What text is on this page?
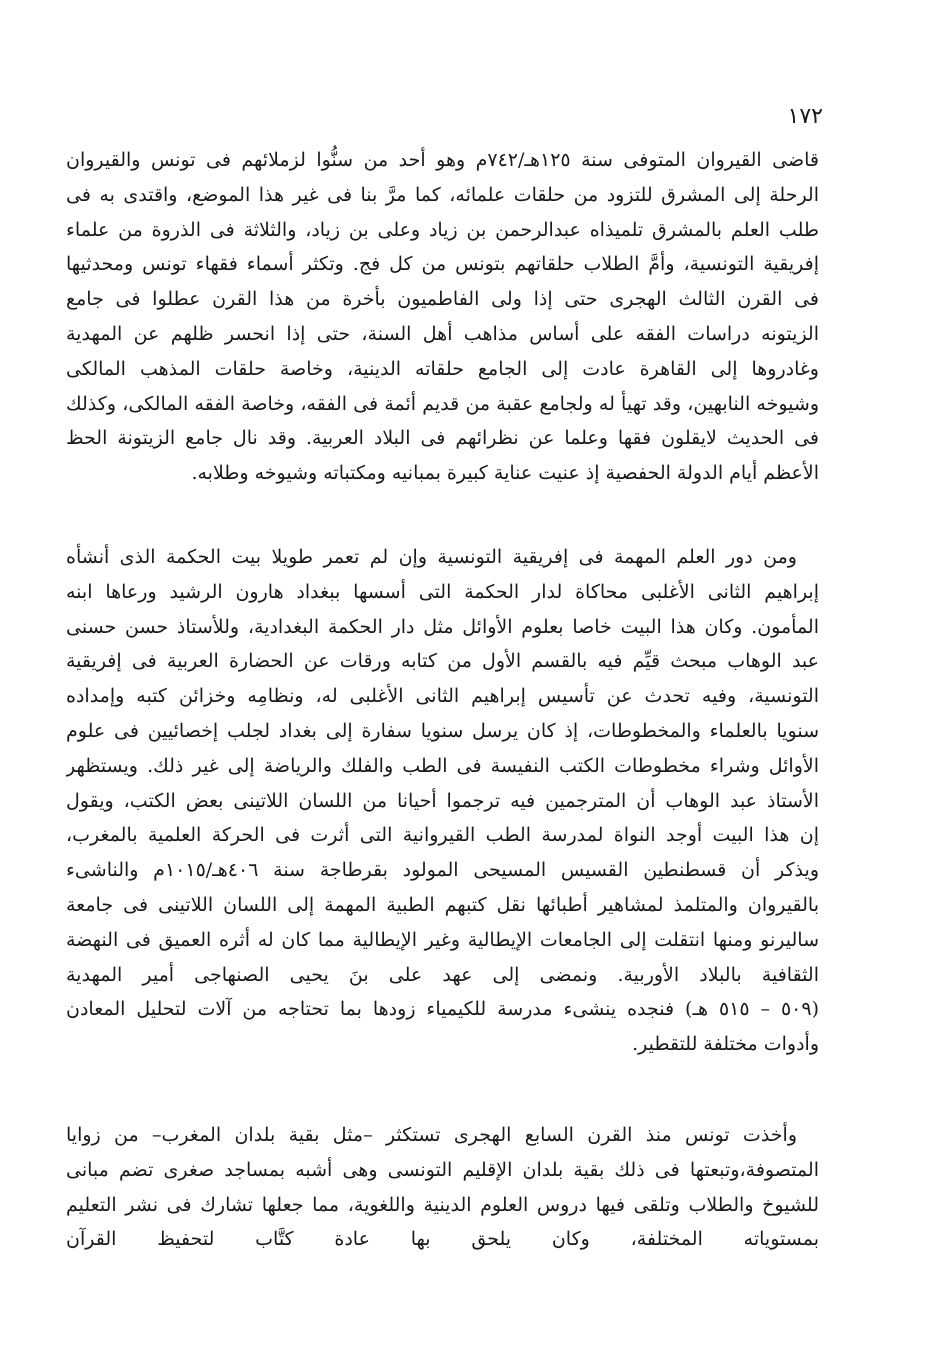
١٧٢
قاضى القيروان المتوفى سنة ١٢٥هـ/٧٤٢م وهو أحد من سنُّوا لزملائهم فى تونس والقيروان
الرحلة إلى المشرق للتزود من حلقات علمائه، كما مرَّ بنا فى غير هذا الموضع، واقتدى به فى
طلب العلم بالمشرق تلميذاه عبدالرحمن بن زياد وعلى بن زياد، والثلاثة فى الذروة من علماء
إفريقية التونسية، وأمَّ الطلاب حلقاتهم بتونس من كل فج. وتكثر أسماء فقهاء تونس ومحدثيها
فى القرن الثالث الهجرى حتى إذا ولى الفاطميون بأخرة من هذا القرن عطلوا فى جامع
الزيتونه دراسات الفقه على أساس مذاهب أهل السنة، حتى إذا انحسر ظلهم عن المهدية
وغادروها إلى القاهرة عادت إلى الجامع حلقاته الدينية، وخاصة حلقات المذهب المالكى
وشيوخه النابهين، وقد تهيأ له ولجامع عقبة من قديم أئمة فى الفقه، وخاصة الفقه المالكى، وكذلك
فى الحديث لايقلون فقها وعلما عن نظرائهم فى البلاد العربية. وقد نال جامع الزيتونة الحظ
الأعظم أيام الدولة الحفصية إذ عنيت عناية كبيرة بمبانيه ومكتباته وشيوخه وطلابه.
ومن دور العلم المهمة فى إفريقية التونسية وإن لم تعمر طويلا بيت الحكمة الذى أنشأه
إبراهيم الثانى الأغلبى محاكاة لدار الحكمة التى أسسها ببغداد هارون الرشيد ورعاها ابنه
المأمون. وكان هذا البيت خاصا بعلوم الأوائل مثل دار الحكمة البغدادية، وللأستاذ حسن حسنى
عبد الوهاب مبحث قيِّم فيه بالقسم الأول من كتابه ورقات عن الحضارة العربية فى إفريقية
التونسية، وفيه تحدث عن تأسيس إبراهيم الثانى الأغلبى له، ونظامِه وخزائن كتبه وإمداده
سنويا بالعلماء والمخطوطات، إذ كان يرسل سنويا سفارة إلى بغداد لجلب إخصائيين فى علوم
الأوائل وشراء مخطوطات الكتب النفيسة فى الطب والفلك والرياضة إلى غير ذلك. ويستظهر
الأستاذ عبد الوهاب أن المترجمين فيه ترجموا أحيانا من اللسان اللاتينى بعض الكتب، ويقول
إن هذا البيت أوجد النواة لمدرسة الطب القيروانية التى أثرت فى الحركة العلمية بالمغرب،
ويذكر أن قسطنطين القسيس المسيحى المولود بقرطاجة سنة ٤٠٦هـ/١٠١٥م والناشىء
بالقيروان والمتلمذ لمشاهير أطبائها نقل كتبهم الطبية المهمة إلى اللسان اللاتينى فى جامعة
ساليرنو ومنها انتقلت إلى الجامعات الإيطالية وغير الإيطالية مما كان له أثره العميق فى النهضة
الثقافية بالبلاد الأوربية. ونمضى إلى عهد على بنَ يحيى الصنهاجى أمير المهدية
(٥٠٩ – ٥١٥ هـ) فنجده ينشىء مدرسة للكيمياء زودها بما تحتاجه من آلات لتحليل المعادن
وأدوات مختلفة للتقطير.
وأخذت تونس منذ القرن السابع الهجرى تستكثر –مثل بقية بلدان المغرب– من زوايا
المتصوفة،وتبعتها فى ذلك بقية بلدان الإقليم التونسى وهى أشبه بمساجد صغرى تضم مبانى
للشيوخ والطلاب وتلقى فيها دروس العلوم الدينية واللغوية، مما جعلها تشارك فى نشر التعليم
بمستوياته المختلفة، وكان يلحق بها عادة كتَّاب لتحفيظ القرآن
